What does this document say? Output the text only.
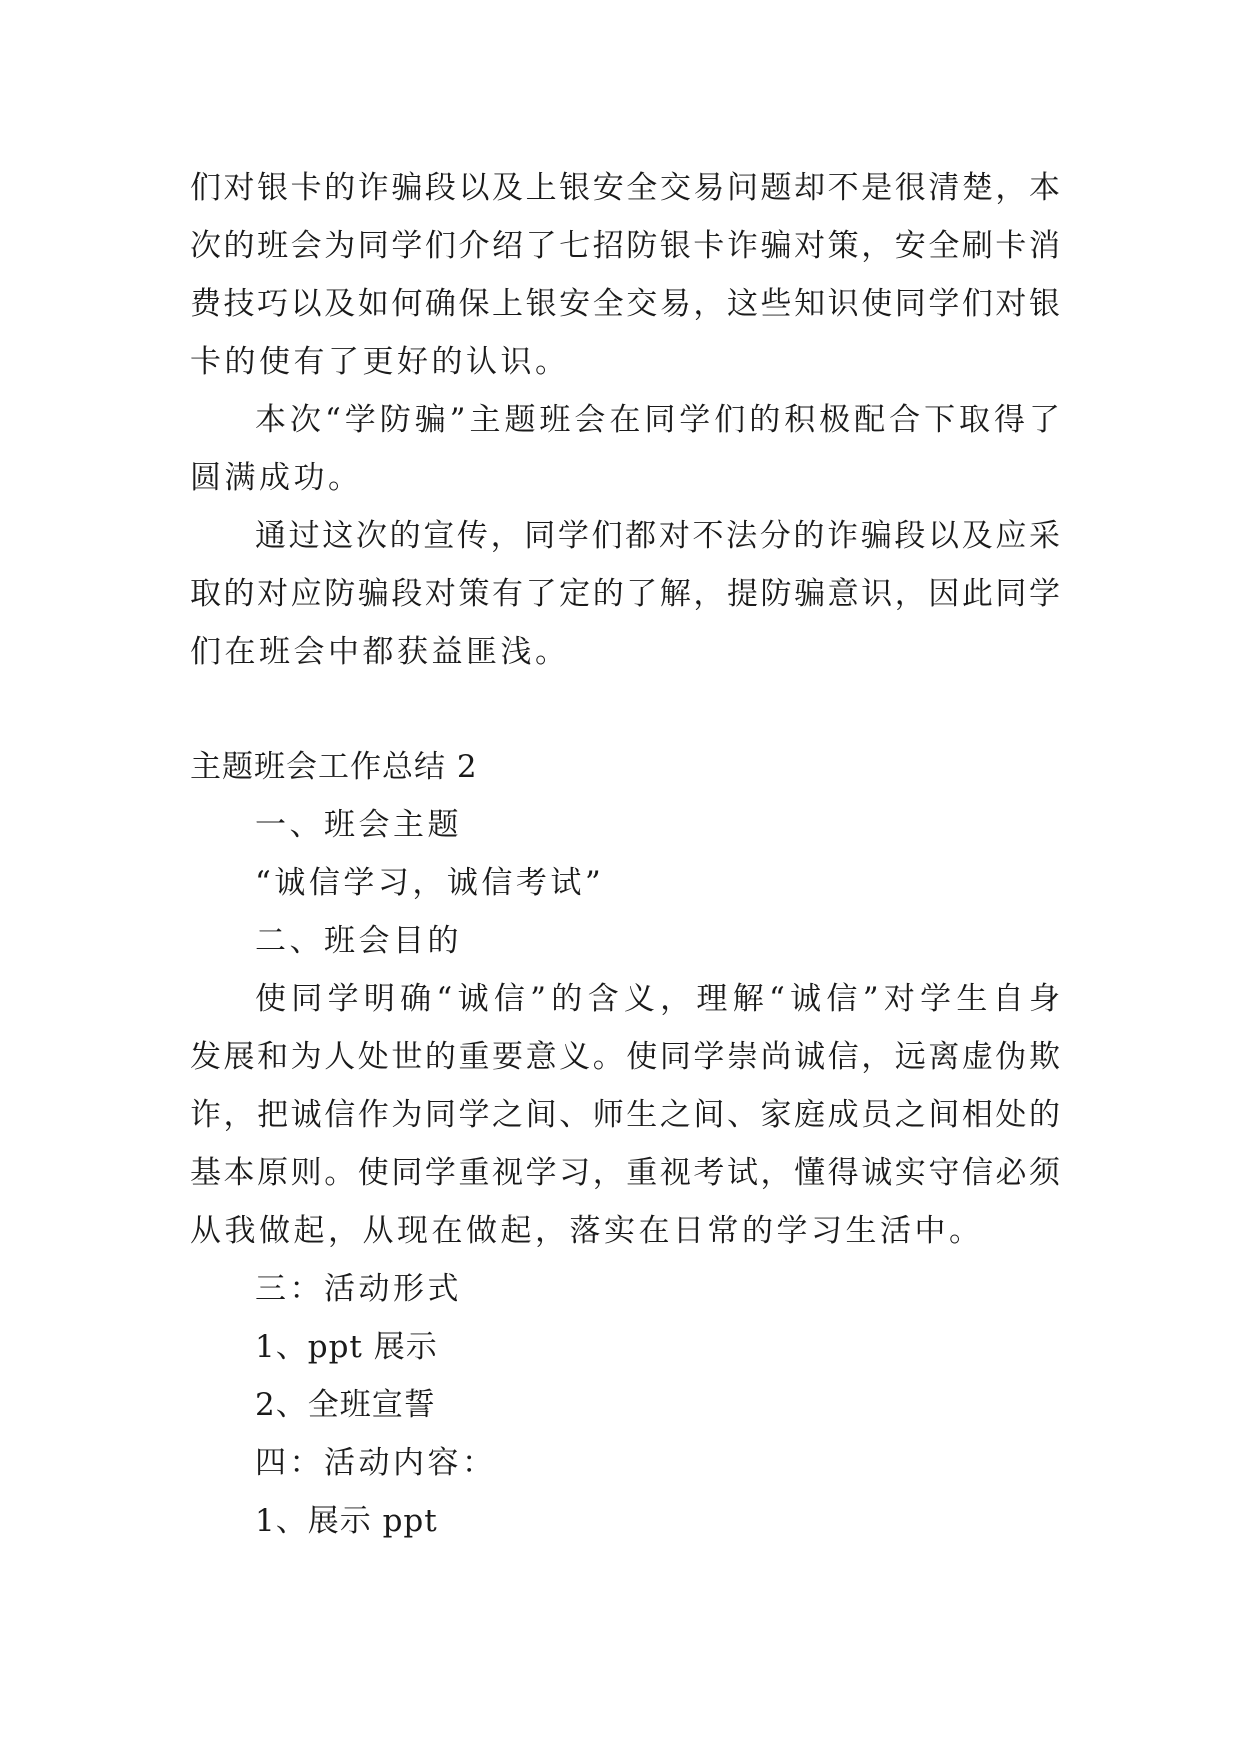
们对银卡的诈骗段以及上银安全交易问题却不是很清楚，本
次的班会为同学们介绍了七招防银卡诈骗对策，安全刷卡消
费技巧以及如何确保上银安全交易，这些知识使同学们对银
卡的使有了更好的认识。
本次“学防骗”主题班会在同学们的积极配合下取得了
圆满成功。
通过这次的宣传，同学们都对不法分的诈骗段以及应采
取的对应防骗段对策有了定的了解，提防骗意识，因此同学
们在班会中都获益匪浅。
主题班会工作总结 2
一、班会主题
“诚信学习，诚信考试”
二、班会目的
使同学明确“诚信”的含义，理解“诚信”对学生自身
发展和为人处世的重要意义。使同学崇尚诚信，远离虚伪欺
诈，把诚信作为同学之间、师生之间、家庭成员之间相处的
基本原则。使同学重视学习，重视考试，懂得诚实守信必须
从我做起，从现在做起，落实在日常的学习生活中。
三：活动形式
1、ppt 展示
2、全班宣誓
四：活动内容：
1、展示 ppt
